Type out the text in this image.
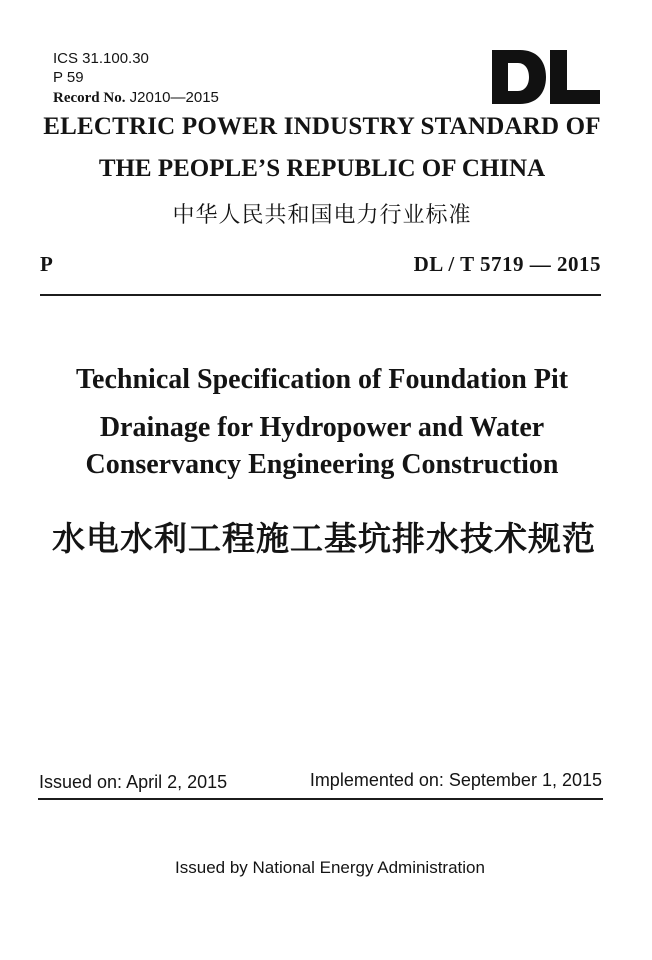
ICS 31.100.30
P 59
Record No. J2010—2015
ELECTRIC POWER INDUSTRY STANDARD OF
THE PEOPLE’S REPUBLIC OF CHINA
中华人民共和国电力行业标准
P	DL / T 5719 — 2015
Technical Specification of Foundation Pit
Drainage for Hydropower and Water
Conservancy Engineering Construction
水电水利工程施工基坑排水技术规范
Issued on: April 2, 2015	Implemented on: September 1, 2015
Issued by National Energy Administration
